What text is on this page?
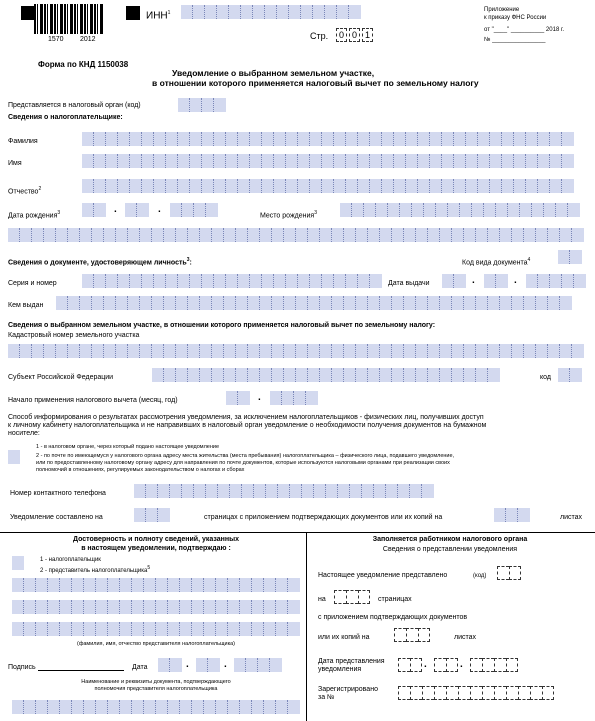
1570 2012
ИНН$^1$
Стр.	0 0 1
Приложение
к приказу ФНС России
от "____" __________ 2018 г.
№ ________________
Форма по КНД 1150038
Уведомление о выбранном земельном участке,
в отношении которого применяется налоговый вычет по земельному налогу
Представляется в налоговый орган (код)
Сведения о налогоплательщике:
Фамилия
Имя
Отчество$^2$
Дата рождения$^3$	.	.
Место рождения$^3$
Сведения о документе, удостоверяющем личность$^3$:	Код вида документа$^4$
Серия и номер	Дата выдачи	.	.
Кем выдан
Сведения о выбранном земельном участке, в отношении которого применяется налоговый вычет по земельному налогу:
Кадастровый номер земельного участка
Субъект Российской Федерации	код
Начало применения налогового вычета (месяц, год)	.
Способ информирования о результатах рассмотрения уведомления, за исключением налогоплательщиков - физических лиц, получивших доступ
к личному кабинету налогоплательщика и не направивших в налоговый орган уведомление о необходимости получения документов на бумажном
носителе:
1 - в налоговом органе, через который подано настоящее уведомление
2 - по почте по имеющемуся у налогового органа адресу места жительства (места пребывания) налогоплательщика – физического лица, подавшего уведомление,
или по предоставленному налоговому органу адресу для направления по почте документов, которые используются налоговыми органами при реализации своих
полномочий в отношениях, регулируемых законодательством о налогах и сборах
Номер контактного телефона
Уведомление составлено на	страницах с приложением подтверждающих документов или их копий на	листах
Достоверность и полноту сведений, указанных
в настоящем уведомлении, подтверждаю :
1 - налогоплательщик
2 - представитель налогоплательщика$^5$
(фамилия, имя, отчество представителя налогоплательщика)
Подпись	Дата	.	.
Наименование и реквизиты документа, подтверждающего
полномочия представителя налогоплательщика
Заполняется работником налогового органа
Сведения о представлении уведомления
Настоящее уведомление представлено	(код)
на	страницах
с приложением подтверждающих документов
или их копий на	листах
Дата представления
уведомления	.	.
Зарегистрировано
за №
